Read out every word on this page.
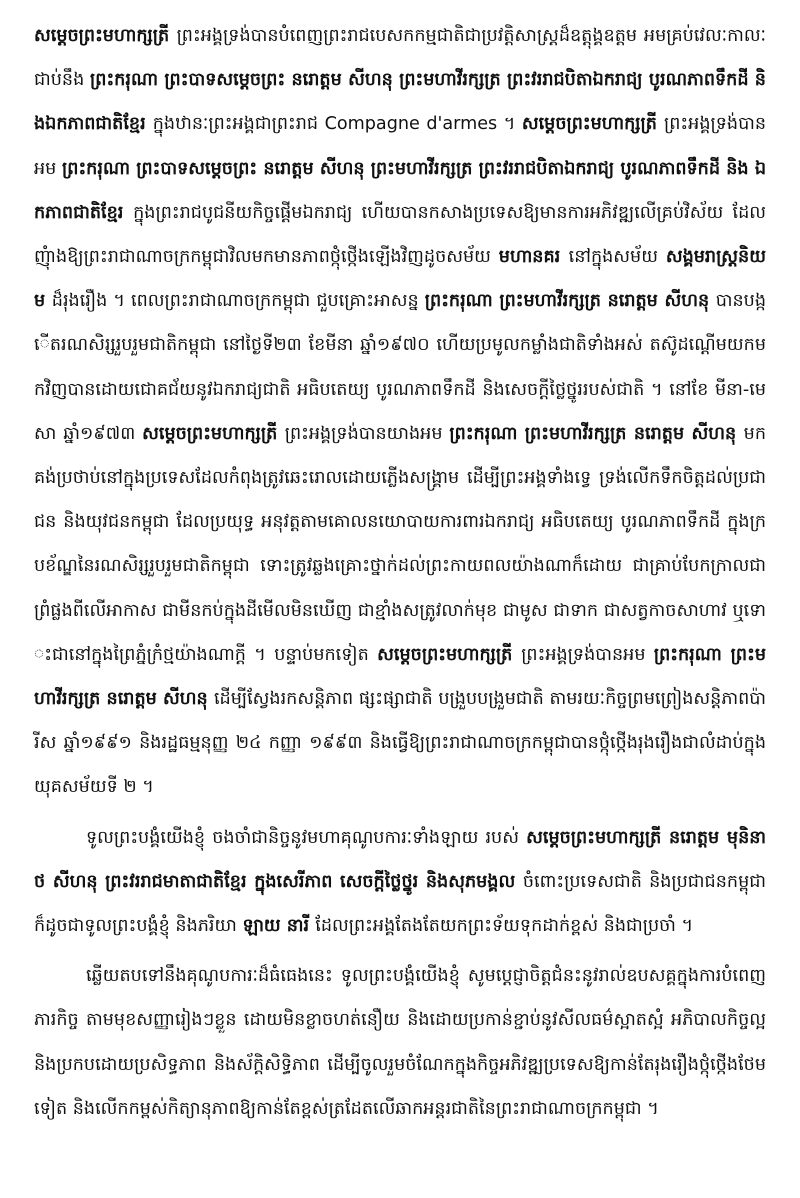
សម្តេចព្រះមហាក្សត្រី ព្រះអង្គទ្រង់បានបំពេញព្រះរាជបេសកកម្មជាតិជាប្រវត្តិសាស្ត្រដ៏ឧត្តុង្គឧត្តម អមគ្រប់វេលៈកាលៈជាប់នឹង ព្រះករុណា ព្រះបាទសម្តេចព្រះ នរោត្តម សីហនុ ព្រះមហាវីរក្សត្រ ព្រះវររាជបិតាឯករាជ្យ បូរណភាពទឹកដី និងឯកភាពជាតិខ្មែរ ក្នុងឋានៈព្រះអង្គជាព្រះរាជ Compagne d'armes ។ សម្តេចព្រះមហាក្សត្រី ព្រះអង្គទ្រង់បានអម ព្រះករុណា ព្រះបាទសម្តេចព្រះ នរោត្តម សីហនុ ព្រះមហាវីរក្សត្រ ព្រះវររាជបិតាឯករាជ្យ បូរណភាពទឹកដី និង ឯកភាពជាតិខ្មែរ ក្នុងព្រះរាជបូជនីយកិច្ចផ្ដើមឯករាជ្យ ហើយបានកសាងប្រទេសឱ្យមានការអភិវឌ្ឍលើគ្រប់វិស័យ ដែលញុំាងឱ្យព្រះរាជាណាចក្រកម្ពុជាវិលមកមានភាពថ្កុំថ្កើងឡើងវិញដូចសម័យ មហានគរ នៅក្នុងសម័យ សង្គមរាស្ត្រនិយម ដ៏រុងរឿង ។ ពេលព្រះរាជាណាចក្រកម្ពុជា ជួបគ្រោះអាសន្ន ព្រះករុណា ព្រះមហាវីរក្សត្រ នរោត្តម សីហនុ បានបង្កើតរណសិរ្សរួបរួមជាតិកម្ពុជា នៅថ្ងៃទី២៣ ខែមីនា ឆ្នាំ១៩៧០ ហើយប្រមូលកម្លាំងជាតិទាំងអស់ តស៊ូដណ្ដើមយកមកវិញបានដោយជោគជ័យនូវឯករាជ្យជាតិ អធិបតេយ្យ បូរណភាពទឹកដី និងសេចក្តីថ្លៃថ្នូររបស់ជាតិ ។ នៅខែ មីនា-មេសា ឆ្នាំ១៩៧៣ សម្តេចព្រះមហាក្សត្រី ព្រះអង្គទ្រង់បានយាងអម ព្រះករុណា ព្រះមហាវីរក្សត្រ នរោត្តម សីហនុ មកគង់ប្រថាប់នៅក្នុងប្រទេសដែលកំពុងត្រូវឆេះរោលដោយភ្លើងសង្គ្រាម ដើម្បីព្រះអង្គទាំងទ្វេ ទ្រង់លើកទឹកចិត្តដល់ប្រជាជន និងយុវជនកម្ពុជា ដែលប្រយុទ្ធ អនុវត្តតាមគោលនយោបាយការពារឯករាជ្យ អធិបតេយ្យ បូរណភាពទឹកដី ក្នុងក្របខ័ណ្ឌនៃរណសិរ្សរួបរួមជាតិកម្ពុជា ទោះត្រូវឆ្លងគ្រោះថ្នាក់ដល់ព្រះកាយពលយ៉ាងណាក៏ដោយ ជាគ្រាប់បែកក្រាលជាព្រំផ្លងពីលើអាកាស ជាមីនកប់ក្នុងដីមើលមិនឃើញ ជាខ្មាំងសត្រូវលាក់មុខ ជាមូស ជាទាក ជាសត្វកាចសាហាវ ឬទោះជានៅក្នុងព្រៃភ្នំក្រំថ្មយ៉ាងណាក្តី ។ បន្ទាប់មកទៀត សម្តេចព្រះមហាក្សត្រី ព្រះអង្គទ្រង់បានអម ព្រះករុណា ព្រះមហាវីរក្សត្រ នរោត្តម សីហនុ ដើម្បីស្វែងរកសន្តិភាព ផ្សះផ្សាជាតិ បង្រួបបង្រួមជាតិ តាមរយៈកិច្ចព្រមព្រៀងសន្តិភាពប៉ារីស ឆ្នាំ១៩៩១ និងរដ្ឋធម្មនុញ្ញ ២៤ កញ្ញា ១៩៩៣ និងធ្វើឱ្យព្រះរាជាណាចក្រកម្ពុជាបានថ្កុំថ្កើងរុងរឿងជាលំដាប់ក្នុងយុគសម័យទី ២ ។

ទូលព្រះបង្គំយើងខ្ញុំ ចងចាំជានិច្ចនូវមហាគុណូបការៈទាំងឡាយ របស់ សម្តេចព្រះមហាក្សត្រី នរោត្តម មុនិនាថ សីហនុ ព្រះវររាជមាតាជាតិខ្មែរ ក្នុងសេរីភាព សេចក្តីថ្លៃថ្នូរ និងសុភមង្គល ចំពោះប្រទេសជាតិ និងប្រជាជនកម្ពុជា ក៏ដូចជាទូលព្រះបង្គំខ្ញុំ និងភរិយា ឡាយ នារី ដែលព្រះអង្គតែងតែយកព្រះទ័យទុកដាក់ខ្ពស់ និងជាប្រចាំ ។

ឆ្លើយតបទៅនឹងគុណូបការៈដ៏ធំធេងនេះ ទូលព្រះបង្គំយើងខ្ញុំ សូមប្ដេជ្ញាចិត្តជំនះនូវរាល់ឧបសគ្គក្នុងការបំពេញភារកិច្ច តាមមុខសញ្ញារៀងៗខ្លួន ដោយមិនខ្លាចហត់នឿយ និងដោយប្រកាន់ខ្ជាប់នូវសីលធម៌ស្អាតស្អំ អភិបាលកិច្ចល្អ និងប្រកបដោយប្រសិទ្ធភាព និងស័ក្តិសិទ្ធិភាព ដើម្បីចូលរួមចំណែកក្នុងកិច្ចអភិវឌ្ឍប្រទេសឱ្យកាន់តែរុងរឿងថ្កុំថ្កើងថែមទៀត និងលើកកម្ពស់កិត្យានុភាពឱ្យកាន់តែខ្ពស់ត្រដែតលើឆាកអន្តរជាតិនៃព្រះរាជាណាចក្រកម្ពុជា ។
